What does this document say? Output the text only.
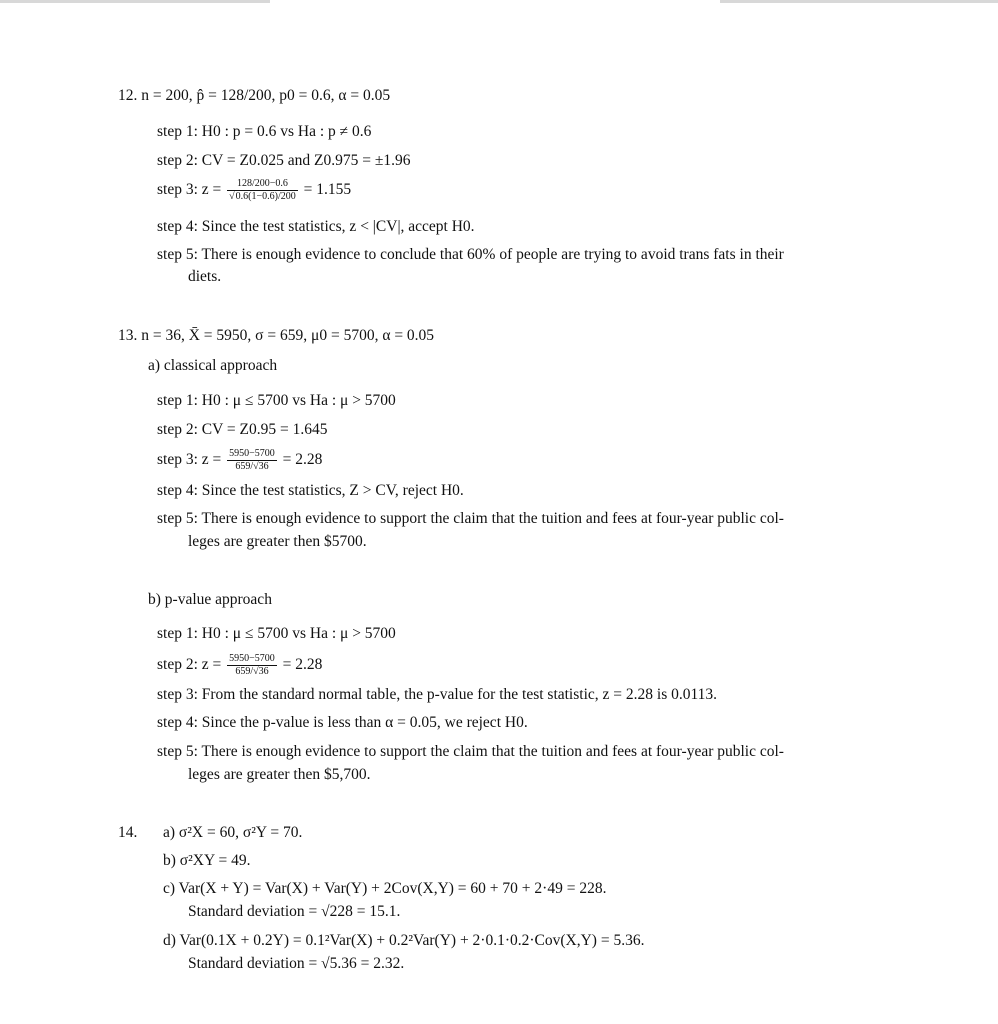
12. n = 200, p̂ = 128/200, p0 = 0.6, α = 0.05
step 1: H0 : p = 0.6 vs Ha : p ≠ 0.6
step 2: CV = Z0.025 and Z0.975 = ±1.96
step 3: $z = \frac{128/200-0.6}{√0.6(1-0.6)/200} = 1.155$
step 4: Since the test statistics, z < |CV|, accept H0.
step 5: There is enough evidence to conclude that 60% of people are trying to avoid trans fats in their
diets.
13. n = 36, X̄ = 5950, σ = 659, μ0 = 5700, α = 0.05
a) classical approach
step 1: H0 : μ ≤ 5700 vs Ha : μ > 5700
step 2: CV = Z0.95 = 1.645
step 3: $z = \frac{5950-5700}{659/√36} = 2.28$
step 4: Since the test statistics, Z > CV, reject H0.
step 5: There is enough evidence to support the claim that the tuition and fees at four-year public col-
leges are greater then $5700.
b) p-value approach
step 1: H0 : μ ≤ 5700 vs Ha : μ > 5700
step 2: $z = \frac{5950-5700}{659/√36} = 2.28$
step 3: From the standard normal table, the p-value for the test statistic, z = 2.28 is 0.0113.
step 4: Since the p-value is less than α = 0.05, we reject H0.
step 5: There is enough evidence to support the claim that the tuition and fees at four-year public col-
leges are greater then $5,700.
14. a) σ²X = 60, σ²Y = 70.
b) σ²XY = 49.
c) Var(X + Y) = Var(X) + Var(Y) + 2Cov(X,Y) = 60 + 70 + 2·49 = 228.
Standard deviation = √228 = 15.1.
d) Var(0.1X + 0.2Y) = 0.1²Var(X) + 0.2²Var(Y) + 2·0.1·0.2·Cov(X,Y) = 5.36.
Standard deviation = √5.36 = 2.32.
